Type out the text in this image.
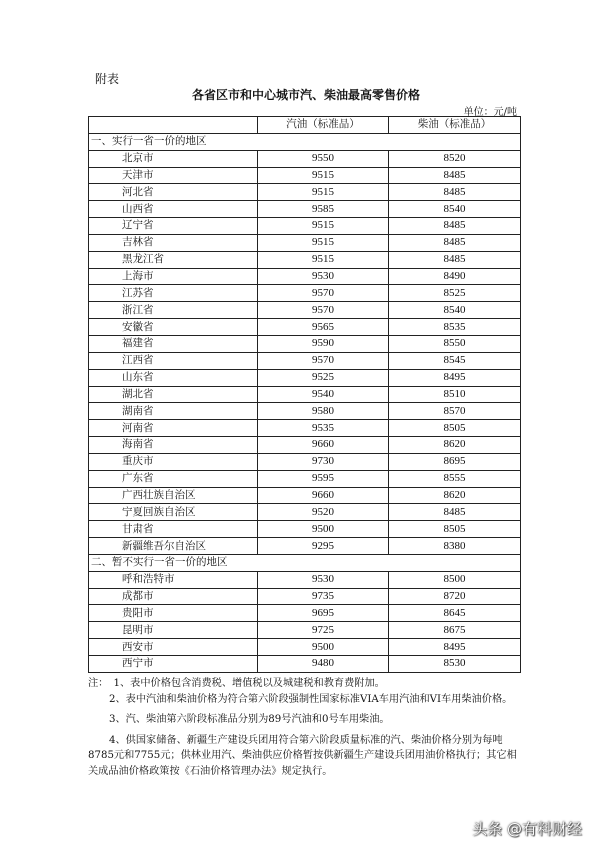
附表
各省区市和中心城市汽、柴油最高零售价格
单位：元/吨
	汽油（标准品）	柴油（标准品）
一、实行一省一价的地区		
北京市	9550	8520
天津市	9515	8485
河北省	9515	8485
山西省	9585	8540
辽宁省	9515	8485
吉林省	9515	8485
黑龙江省	9515	8485
上海市	9530	8490
江苏省	9570	8525
浙江省	9570	8540
安徽省	9565	8535
福建省	9590	8550
江西省	9570	8545
山东省	9525	8495
湖北省	9540	8510
湖南省	9580	8570
河南省	9535	8505
海南省	9660	8620
重庆市	9730	8695
广东省	9595	8555
广西壮族自治区	9660	8620
宁夏回族自治区	9520	8485
甘肃省	9500	8505
新疆维吾尔自治区	9295	8380
二、暂不实行一省一价的地区		
呼和浩特市	9530	8500
成都市	9735	8720
贵阳市	9695	8645
昆明市	9725	8675
西安市	9500	8495
西宁市	9480	8530

注：　1、表中价格包含消费税、增值税以及城建税和教育费附加。

2、表中汽油和柴油价格为符合第六阶段强制性国家标准VIA车用汽油和VI车用柴油价格。

3、汽、柴油第六阶段标准品分别为89号汽油和0号车用柴油。

4、供国家储备、新疆生产建设兵团用符合第六阶段质量标准的汽、柴油价格分别为每吨8785元和7755元；供林业用汽、柴油供应价格暂按供新疆生产建设兵团用油价格执行；其它相关成品油价格政策按《石油价格管理办法》规定执行。

头条 @有料财经
